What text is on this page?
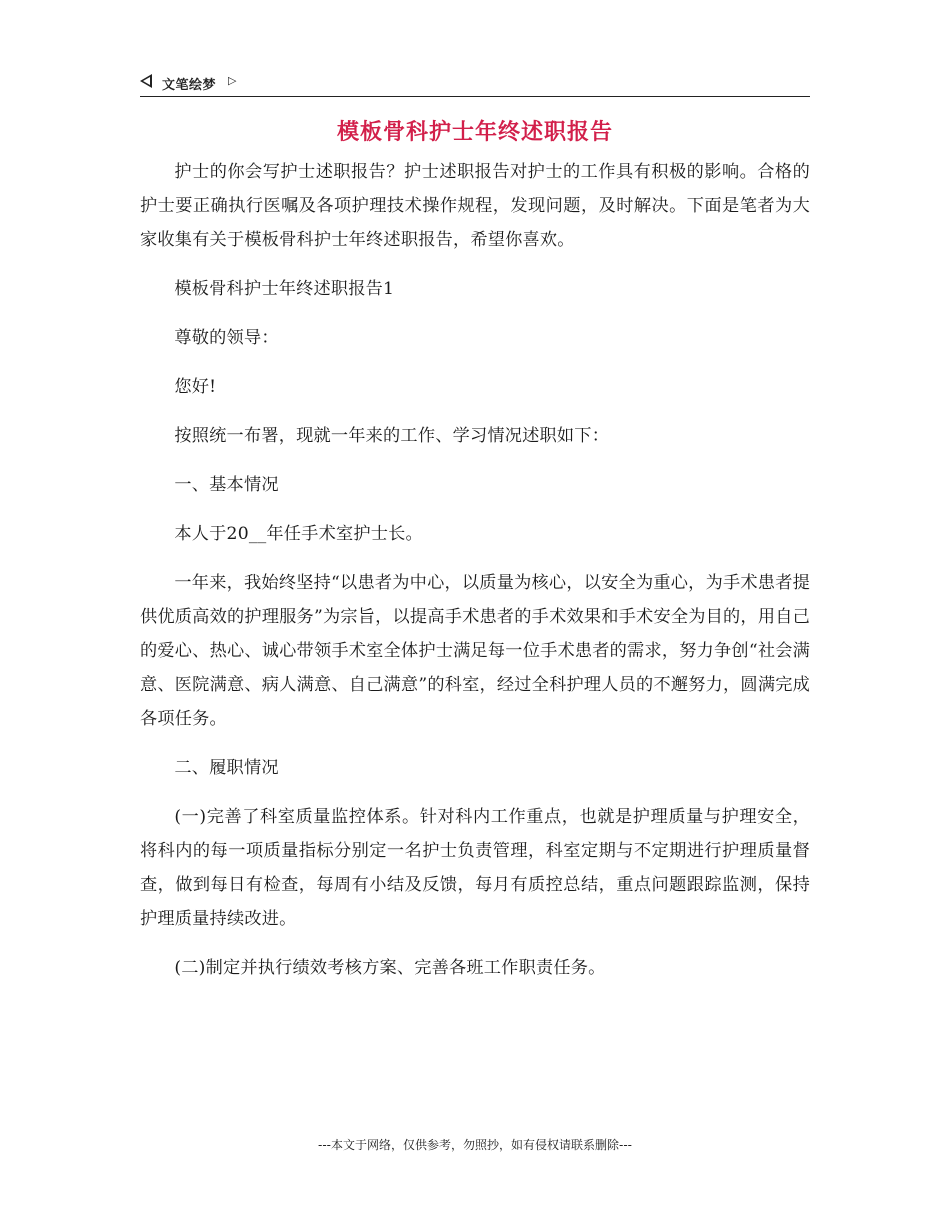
文笔绘梦 ▷
模板骨科护士年终述职报告

护士的你会写护士述职报告？护士述职报告对护士的工作具有积极的影响。合格的护士要正确执行医嘱及各项护理技术操作规程，发现问题，及时解决。下面是笔者为大家收集有关于模板骨科护士年终述职报告，希望你喜欢。

模板骨科护士年终述职报告1

尊敬的领导：

您好!

按照统一布署，现就一年来的工作、学习情况述职如下：

一、基本情况

本人于20__年任手术室护士长。

一年来，我始终坚持“以患者为中心，以质量为核心，以安全为重心，为手术患者提供优质高效的护理服务”为宗旨，以提高手术患者的手术效果和手术安全为目的，用自己的爱心、热心、诚心带领手术室全体护士满足每一位手术患者的需求，努力争创“社会满意、医院满意、病人满意、自己满意”的科室，经过全科护理人员的不邂努力，圆满完成各项任务。

二、履职情况

(一)完善了科室质量监控体系。针对科内工作重点，也就是护理质量与护理安全，将科内的每一项质量指标分别定一名护士负责管理，科室定期与不定期进行护理质量督查，做到每日有检查，每周有小结及反馈，每月有质控总结，重点问题跟踪监测，保持护理质量持续改进。

(二)制定并执行绩效考核方案、完善各班工作职责任务。

---本文于网络，仅供参考，勿照抄，如有侵权请联系删除---
